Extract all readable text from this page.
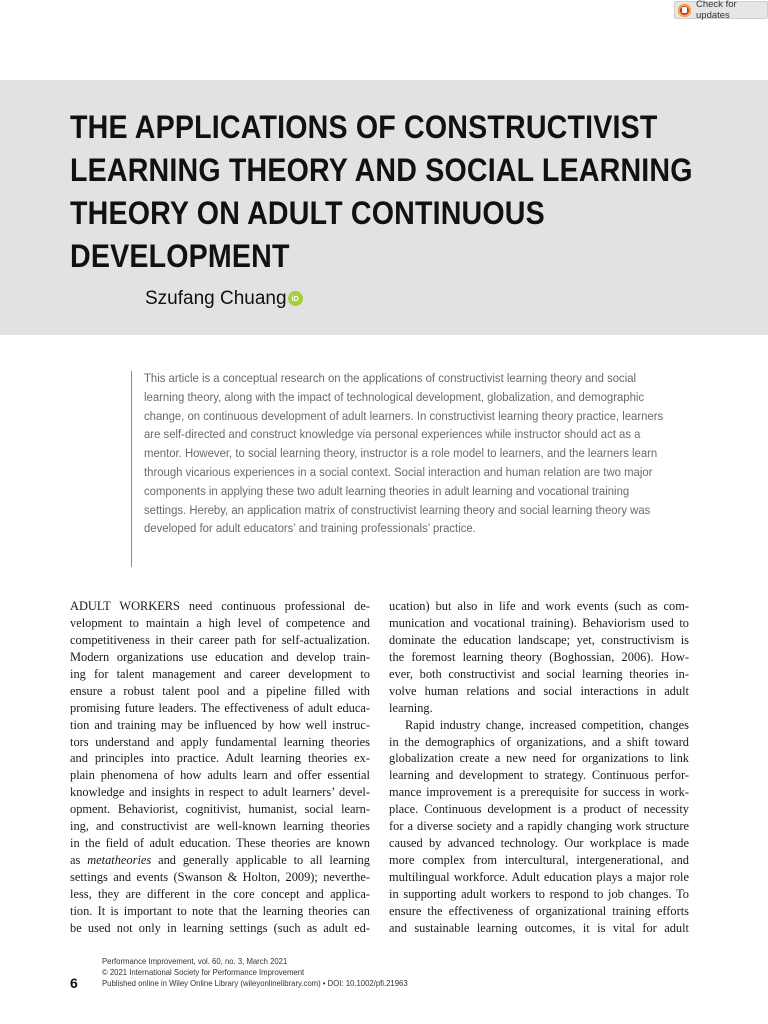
Check for updates
THE APPLICATIONS OF CONSTRUCTIVIST
LEARNING THEORY AND SOCIAL LEARNING
THEORY ON ADULT CONTINUOUS
DEVELOPMENT
Szufang Chuang iD
This article is a conceptual research on the applications of constructivist learning theory and social
learning theory, along with the impact of technological development, globalization, and demographic
change, on continuous development of adult learners. In constructivist learning theory practice, learners
are self-directed and construct knowledge via personal experiences while instructor should act as a
mentor. However, to social learning theory, instructor is a role model to learners, and the learners learn
through vicarious experiences in a social context. Social interaction and human relation are two major
components in applying these two adult learning theories in adult learning and vocational training
settings. Hereby, an application matrix of constructivist learning theory and social learning theory was
developed for adult educators’ and training professionals’ practice.
ADULT WORKERS need continuous professional de-
velopment to maintain a high level of competence and
competitiveness in their career path for self-actualization.
Modern organizations use education and develop train-
ing for talent management and career development to
ensure a robust talent pool and a pipeline filled with
promising future leaders. The effectiveness of adult educa-
tion and training may be influenced by how well instruc-
tors understand and apply fundamental learning theories
and principles into practice. Adult learning theories ex-
plain phenomena of how adults learn and offer essential
knowledge and insights in respect to adult learners’ devel-
opment. Behaviorist, cognitivist, humanist, social learn-
ing, and constructivist are well-known learning theories
in the field of adult education. These theories are known
as metatheories and generally applicable to all learning
settings and events (Swanson & Holton, 2009); neverthe-
less, they are different in the core concept and applica-
tion. It is important to note that the learning theories can
be used not only in learning settings (such as adult ed-
ucation) but also in life and work events (such as com-
munication and vocational training). Behaviorism used to
dominate the education landscape; yet, constructivism is
the foremost learning theory (Boghossian, 2006). How-
ever, both constructivist and social learning theories in-
volve human relations and social interactions in adult
learning.
Rapid industry change, increased competition, changes
in the demographics of organizations, and a shift toward
globalization create a new need for organizations to link
learning and development to strategy. Continuous perfor-
mance improvement is a prerequisite for success in work-
place. Continuous development is a product of necessity
for a diverse society and a rapidly changing work structure
caused by advanced technology. Our workplace is made
more complex from intercultural, intergenerational, and
multilingual workforce. Adult education plays a major role
in supporting adult workers to respond to job changes. To
ensure the effectiveness of organizational training efforts
and sustainable learning outcomes, it is vital for adult
6
Performance Improvement, vol. 60, no. 3, March 2021
© 2021 International Society for Performance Improvement
Published online in Wiley Online Library (wileyonlinelibrary.com) • DOI: 10.1002/pfi.21963
